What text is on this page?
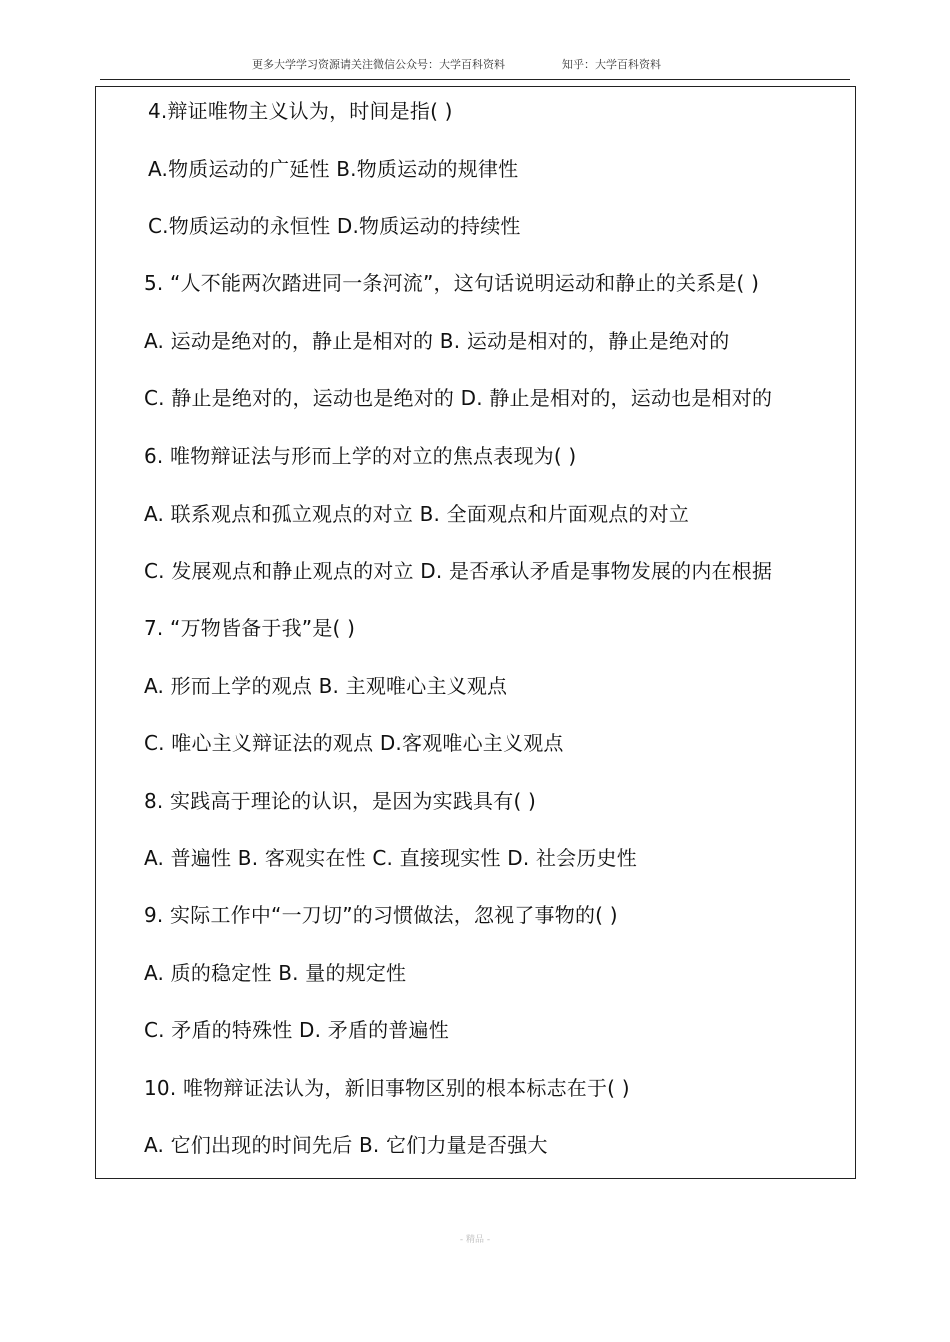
更多大学学习资源请关注微信公众号：大学百科资料	知乎：大学百科资料
4.辩证唯物主义认为，时间是指( )
A.物质运动的广延性 B.物质运动的规律性
C.物质运动的永恒性 D.物质运动的持续性
5. “人不能两次踏进同一条河流”，这句话说明运动和静止的关系是( )
A. 运动是绝对的，静止是相对的 B. 运动是相对的，静止是绝对的
C. 静止是绝对的，运动也是绝对的 D. 静止是相对的，运动也是相对的
6. 唯物辩证法与形而上学的对立的焦点表现为( )
A. 联系观点和孤立观点的对立 B. 全面观点和片面观点的对立
C. 发展观点和静止观点的对立 D. 是否承认矛盾是事物发展的内在根据
7. “万物皆备于我”是( )
A. 形而上学的观点 B. 主观唯心主义观点
C. 唯心主义辩证法的观点 D.客观唯心主义观点
8. 实践高于理论的认识，是因为实践具有( )
A. 普遍性 B. 客观实在性 C. 直接现实性 D. 社会历史性
9. 实际工作中“一刀切”的习惯做法，忽视了事物的( )
A. 质的稳定性 B. 量的规定性
C. 矛盾的特殊性 D. 矛盾的普遍性
10. 唯物辩证法认为，新旧事物区别的根本标志在于( )
A. 它们出现的时间先后 B. 它们力量是否强大
- 精品 -
